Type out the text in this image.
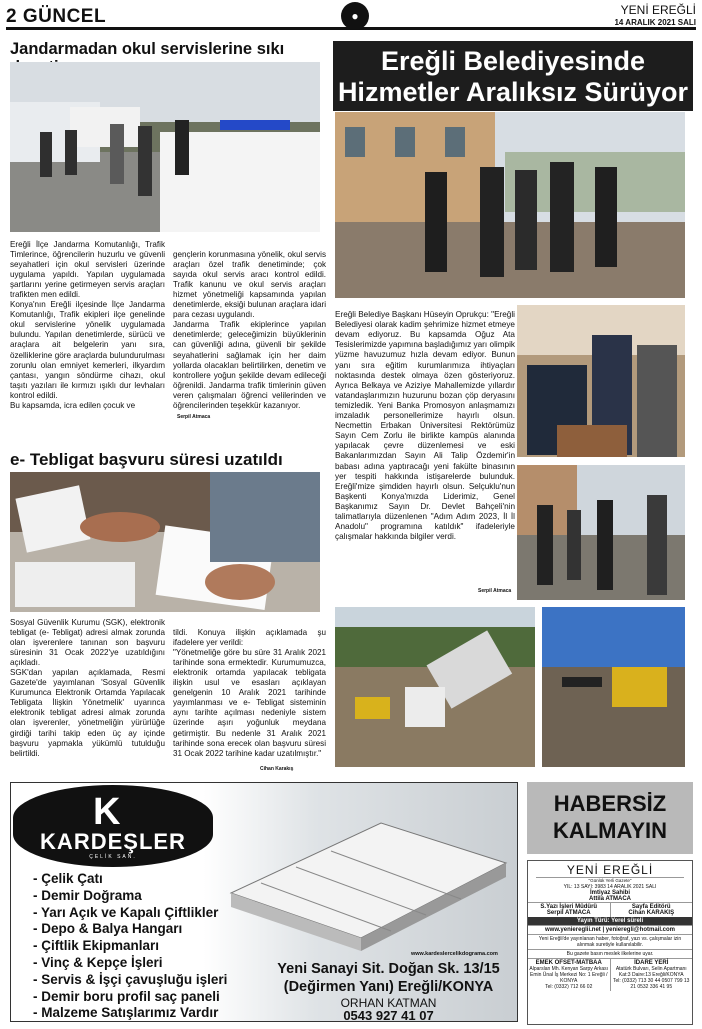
2 GÜNCEL	●	YENİ EREĞLİ
14 ARALIK 2021 SALI
Jandarmadan okul servislerine sıkı
Ereğli İlçe Jandarma Komutanlığı, Trafik Timlerince, öğrencilerin huzurlu ve güvenli seyahatleri için okul servisleri üzerinde uygulama yapıldı. Yapılan uygulamada şartlarını yerine getirmeyen servis araçları trafikten men edildi.
Konya'nın Ereğli ilçesinde İlçe Jandarma Komutanlığı, Trafik ekipleri ilçe genelinde okul servislerine yönelik uygulamada bulundu. Yapılan denetimlerde, sürücü ve araçlara ait belgelerin yanı sıra, özelliklerine göre araçlarda bulundurulması zorunlu olan emniyet kemerleri, ilkyardım çantası, yangın söndürme cihazı, okul taşıtı yazıları ile kırmızı ışıklı dur levhaları kontrol edildi.
Bu kapsamda, icra edilen çocuk ve

gençlerin korunmasına yönelik, okul servis araçları özel trafik denetiminde; çok sayıda okul servis aracı kontrol edildi. Trafik kanunu ve okul servis araçları hizmet yönetmeliği kapsamında yapılan denetimlerde, eksiği bulunan araçlara idari para cezası uygulandı.
Jandarma Trafik ekiplerince yapılan denetimlerde; geleceğimizin büyüklerinin can güvenliği adına, güvenli bir şekilde seyahatlerini sağlamak için her daim yollarda olacakları belirtilirken, denetim ve kontrollere yoğun şekilde devam edileceği öğrenildi. Jandarma trafik timlerinin güven veren çalışmaları öğrenci velilerinden ve öğrencilerinden teşekkür kazanıyor.
Serpil Atmaca

e- Tebligat başvuru süresi uzatıldı
Sosyal Güvenlik Kurumu (SGK), elektronik tebligat (e- Tebligat) adresi almak zorunda olan işverenlere tanınan son başvuru süresinin 31 Ocak 2022'ye uzatıldığını açıkladı.
SGK'dan yapılan açıklamada, Resmi Gazete'de yayımlanan 'Sosyal Güvenlik Kurumunca Elektronik Ortamda Yapılacak Tebligata İlişkin Yönetmelik' uyarınca elektronik tebligat adresi almak zorunda olan işverenler, yönetmeliğin yürürlüğe girdiği tarihi takip eden üç ay içinde başvuru yapmakla yükümlü tutulduğu belirtildi.

tildi. Konuya ilişkin açıklamada şu ifadelere yer verildi:
"Yönetmeliğe göre bu süre 31 Aralık 2021 tarihinde sona ermektedir. Kurumumuzca, elektronik ortamda yapılacak tebligata ilişkin usul ve esasları açıklayan genelgenin 10 Aralık 2021 tarihinde yayımlanması ve e- Tebligat sisteminin aynı tarihte açılması nedeniyle sistem üzerinde aşırı yoğunluk meydana getirmiştir. Bu nedenle 31 Aralık 2021 tarihinde sona erecek olan başvuru süresi 31 Ocak 2022 tarihine kadar uzatılmıştır."

Cihan Karakış
Ereğli Belediyesinde
Hizmetler Aralıksız Sürüyor

Ereğli Belediye Başkanı Hüseyin Oprukçu: "Ereğli Belediyesi olarak kadim şehrimize hizmet etmeye devam ediyoruz. Bu kapsamda Oğuz Ata Tesislerimizde yapımına başladığımız yarı olimpik yüzme havuzumuz hızla devam ediyor. Bunun yanı sıra eğitim kurumlarımıza ihtiyaçları noktasında destek olmaya özen gösteriyoruz. Ayrıca Belkaya ve Aziziye Mahallemizde yıllardır vatandaşlarımızın huzurunu bozan çöp deryasını temizledik. Yeni Banka Promosyon anlaşmamızı imzaladık personellerimize hayırlı olsun. Necmettin Erbakan Üniversitesi Rektörümüz Sayın Cem Zorlu ile birlikte kampüs alanında yapılacak çevre düzenlemesi ve eski Bakanlarımızdan Sayın Ali Talip Özdemir'in babası adına yaptıracağı yeni fakülte binasının yer tespiti hakkında istişarelerde bulunduk. Ereğli'mize şimdiden hayırlı olsun. Selçuklu'nun Başkenti Konya'mızda Liderimiz, Genel Başkanımız Sayın Dr. Devlet Bahçeli'nin talimatlarıyla düzenlenen "Adım Adım 2023, İl İl Anadolu" programına katıldık" ifadeleriyle çalışmalar hakkında bilgiler verdi.

Serpil Atmaca
K
KARDEŞLER
ÇELİK SAN.
- Çelik Çatı
- Demir Doğrama
- Yarı Açık ve Kapalı Çiftlikler
- Depo & Balya Hangarı
- Çiftlik Ekipmanları
- Vinç & Kepçe İşleri
- Servis & İşçi çavuşluğu işleri
- Demir boru profil saç paneli
- Malzeme Satışlarımız Vardır
www.kardeslercelikdograma.com
Yeni Sanayi Sit. Doğan Sk. 13/15
(Değirmen Yanı) Ereğli/KONYA
ORHAN KATMAN
0543 927 41 07
HABERSİZ
KALMAYIN
YENİ EREĞLİ
"Günlük Yerli Gazete"
YIL: 13 SAYI: 3983 14 ARALIK 2021 SALI
İmtiyaz Sahibi
Attila ATMACA
S.Yazı İşleri Müdürü
Serpil ATMACA
Sayfa Editörü
Cihan KARAKIŞ
Yayın Türü: Yerel süreli
www.yeniereglii.net | yenieregli@hotmail.com
Yeni Ereğli'de yayınlanan haber, fotoğraf, yazı vs. çalışmalar izin alınmak suretiyle kullanılabilir.
Bu gazete basın meslek ilkelerine uyar.
EMEK OFSET-MATBAA
Alparslan Mh. Kenyan Sarpy Arkası Emin Ünal İş Merkezi No: 1 Ereğli / KONYA
Tel: (0332) 712 66 02
İDARE YERİ
Atatürk Bulvarı, Selin Apartmanı Kat:3 Daire:13 Ereğli/KONYA
Tel: (0332) 713 30 44 0507 799 13 21 0532 336 41 95
